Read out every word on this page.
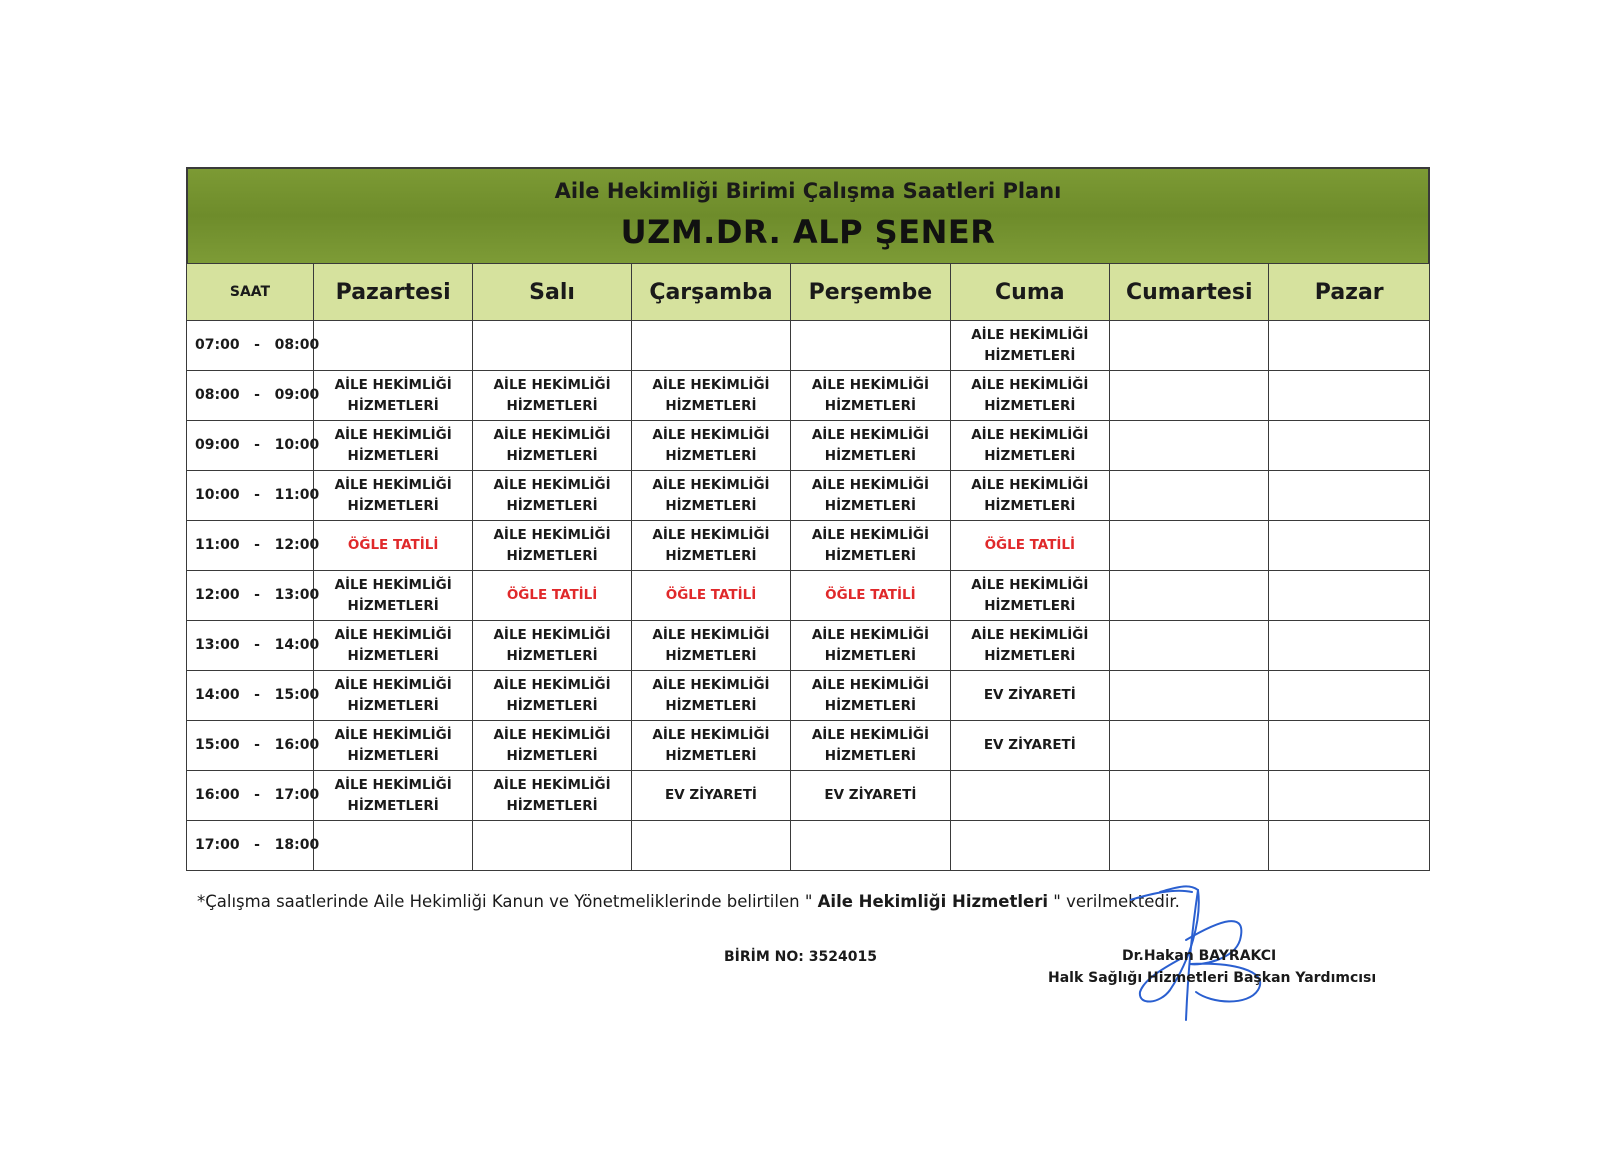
Aile Hekimliği Birimi Çalışma Saatleri Planı
UZM.DR. ALP ŞENER
SAAT	Pazartesi	Salı	Çarşamba	Perşembe	Cuma	Cumartesi	Pazar
07:00   -   08:00					AİLE HEKİMLİĞİ
HİZMETLERİ		
08:00   -   09:00	AİLE HEKİMLİĞİ
HİZMETLERİ	AİLE HEKİMLİĞİ
HİZMETLERİ	AİLE HEKİMLİĞİ
HİZMETLERİ	AİLE HEKİMLİĞİ
HİZMETLERİ	AİLE HEKİMLİĞİ
HİZMETLERİ		
09:00   -   10:00	AİLE HEKİMLİĞİ
HİZMETLERİ	AİLE HEKİMLİĞİ
HİZMETLERİ	AİLE HEKİMLİĞİ
HİZMETLERİ	AİLE HEKİMLİĞİ
HİZMETLERİ	AİLE HEKİMLİĞİ
HİZMETLERİ		
10:00   -   11:00	AİLE HEKİMLİĞİ
HİZMETLERİ	AİLE HEKİMLİĞİ
HİZMETLERİ	AİLE HEKİMLİĞİ
HİZMETLERİ	AİLE HEKİMLİĞİ
HİZMETLERİ	AİLE HEKİMLİĞİ
HİZMETLERİ		
11:00   -   12:00	ÖĞLE TATİLİ	AİLE HEKİMLİĞİ
HİZMETLERİ	AİLE HEKİMLİĞİ
HİZMETLERİ	AİLE HEKİMLİĞİ
HİZMETLERİ	ÖĞLE TATİLİ		
12:00   -   13:00	AİLE HEKİMLİĞİ
HİZMETLERİ	ÖĞLE TATİLİ	ÖĞLE TATİLİ	ÖĞLE TATİLİ	AİLE HEKİMLİĞİ
HİZMETLERİ		
13:00   -   14:00	AİLE HEKİMLİĞİ
HİZMETLERİ	AİLE HEKİMLİĞİ
HİZMETLERİ	AİLE HEKİMLİĞİ
HİZMETLERİ	AİLE HEKİMLİĞİ
HİZMETLERİ	AİLE HEKİMLİĞİ
HİZMETLERİ		
14:00   -   15:00	AİLE HEKİMLİĞİ
HİZMETLERİ	AİLE HEKİMLİĞİ
HİZMETLERİ	AİLE HEKİMLİĞİ
HİZMETLERİ	AİLE HEKİMLİĞİ
HİZMETLERİ	EV ZİYARETİ		
15:00   -   16:00	AİLE HEKİMLİĞİ
HİZMETLERİ	AİLE HEKİMLİĞİ
HİZMETLERİ	AİLE HEKİMLİĞİ
HİZMETLERİ	AİLE HEKİMLİĞİ
HİZMETLERİ	EV ZİYARETİ		
16:00   -   17:00	AİLE HEKİMLİĞİ
HİZMETLERİ	AİLE HEKİMLİĞİ
HİZMETLERİ	EV ZİYARETİ	EV ZİYARETİ			
17:00   -   18:00							
*Çalışma saatlerinde Aile Hekimliği Kanun ve Yönetmeliklerinde belirtilen " Aile Hekimliği Hizmetleri " verilmektedir.
BİRİM NO: 3524015	Dr.Hakan BAYRAKCI
Halk Sağlığı Hizmetleri Başkan Yardımcısı
